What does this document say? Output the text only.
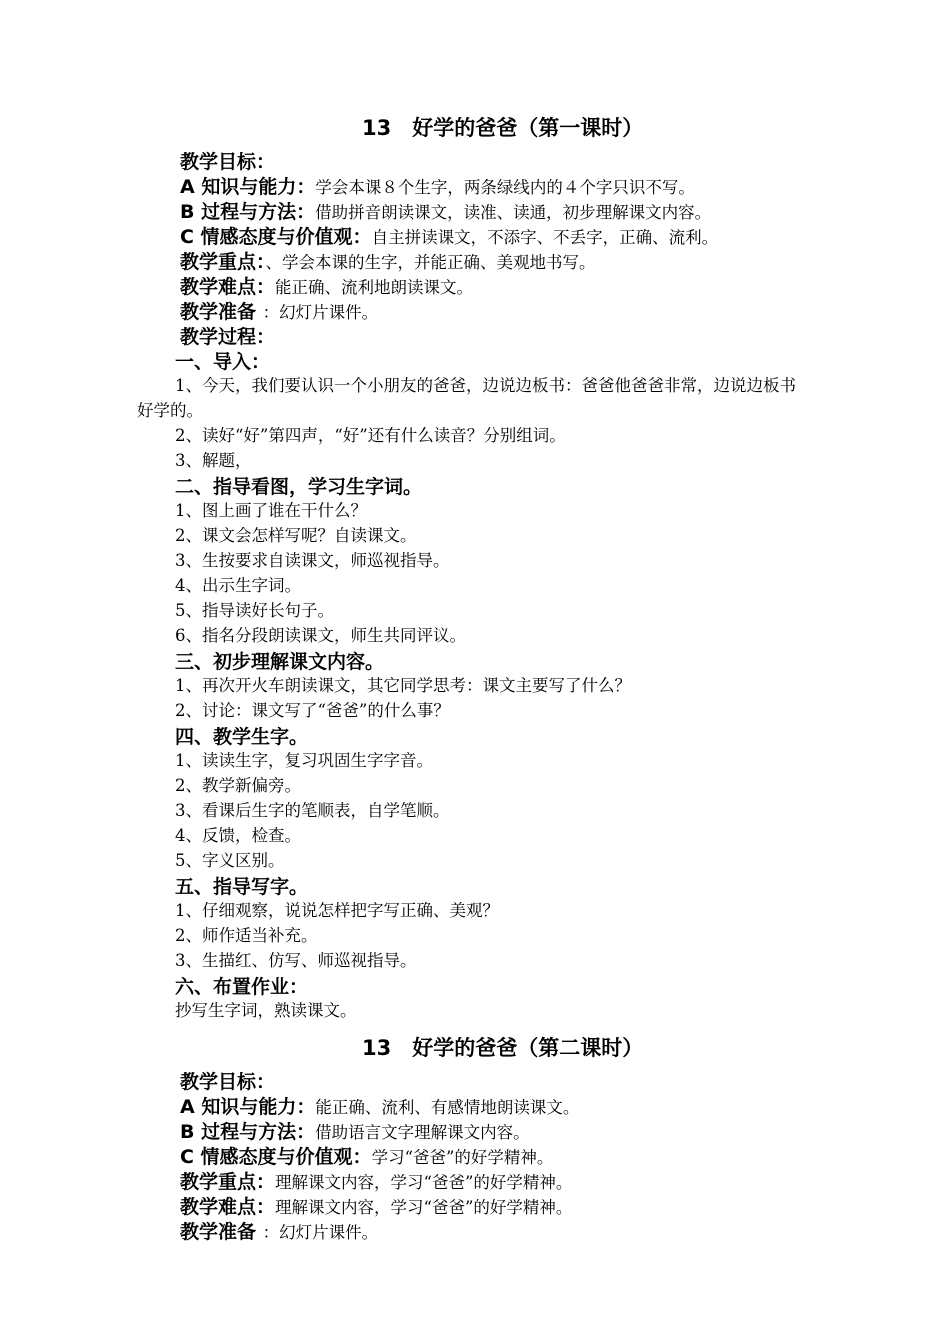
13　好学的爸爸（第一课时）
教学目标：
A 知识与能力：学会本课８个生字，两条绿线内的４个字只识不写。
B 过程与方法：借助拼音朗读课文，读准、读通，初步理解课文内容。
C 情感态度与价值观：自主拼读课文，不添字、不丢字，正确、流利。
教学重点：、学会本课的生字，并能正确、美观地书写。
教学难点：能正确、流利地朗读课文。
教学准备 ：幻灯片课件。
教学过程：
一、导入：
1、今天，我们要认识一个小朋友的爸爸，边说边板书：爸爸他爸爸非常，边说边板书
好学的。
2、读好“好”第四声，“好”还有什么读音？分别组词。
3、解题，
二、指导看图，学习生字词。
1、图上画了谁在干什么？
2、课文会怎样写呢？自读课文。
3、生按要求自读课文，师巡视指导。
4、出示生字词。
5、指导读好长句子。
6、指名分段朗读课文，师生共同评议。
三、初步理解课文内容。
1、再次开火车朗读课文，其它同学思考：课文主要写了什么？
2、讨论：课文写了“爸爸”的什么事？
四、教学生字。
1、读读生字，复习巩固生字字音。
2、教学新偏旁。
3、看课后生字的笔顺表，自学笔顺。
4、反馈，检查。
5、字义区别。
五、指导写字。
1、仔细观察，说说怎样把字写正确、美观？
2、师作适当补充。
3、生描红、仿写、师巡视指导。
六、布置作业：
抄写生字词，熟读课文。
13　好学的爸爸（第二课时）
教学目标：
A 知识与能力：能正确、流利、有感情地朗读课文。
B 过程与方法：借助语言文字理解课文内容。
C 情感态度与价值观：学习“爸爸”的好学精神。
教学重点：理解课文内容，学习“爸爸”的好学精神。
教学难点：理解课文内容，学习“爸爸”的好学精神。
教学准备 ：幻灯片课件。
